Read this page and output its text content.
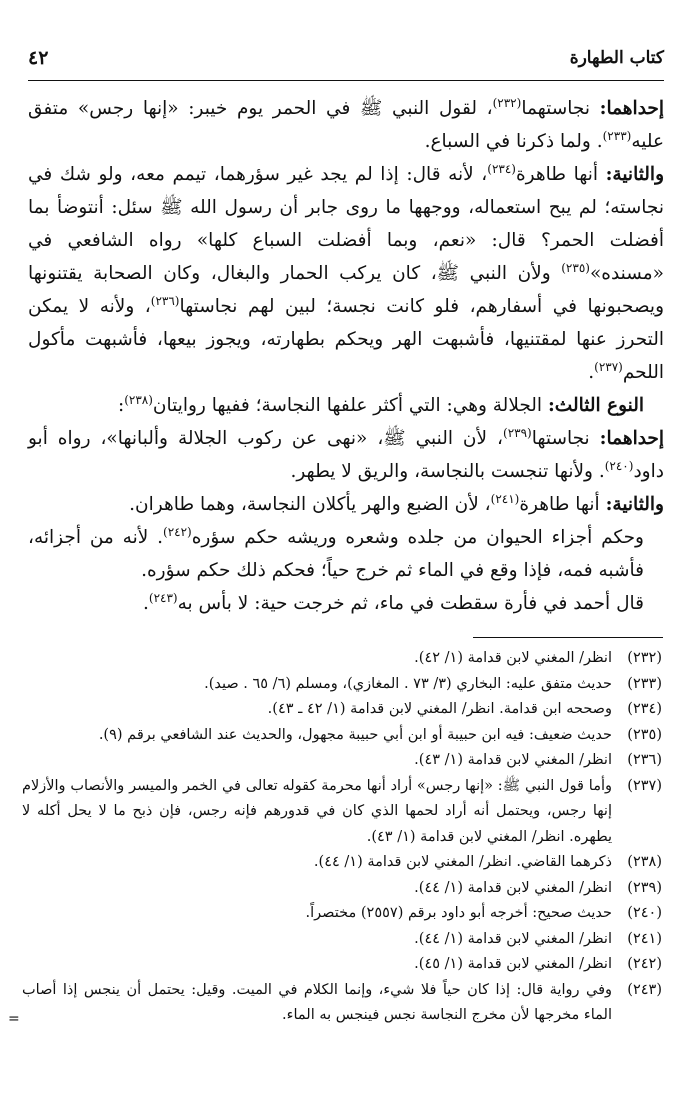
كتاب الطهارة
٤٢

إحداهما: نجاستهما$^{(٢٣٢)}$، لقول النبي ﷺ في الحمر يوم خيبر: «إنها رجس» متفق عليه$^{(٢٣٣)}$. ولما ذكرنا في السباع.

والثانية: أنها طاهرة$^{(٢٣٤)}$، لأنه قال: إذا لم يجد غير سؤرهما، تيمم معه، ولو شك في نجاسته؛ لم يبح استعماله، ووجهها ما روى جابر أن رسول الله ﷺ سئل: أنتوضأ بما أفضلت الحمر؟ قال: «نعم، وبما أفضلت السباع كلها» رواه الشافعي في «مسنده»$^{(٢٣٥)}$ ولأن النبي ﷺ، كان يركب الحمار والبغال، وكان الصحابة يقتنونها ويصحبونها في أسفارهم، فلو كانت نجسة؛ لبين لهم نجاستها$^{(٢٣٦)}$، ولأنه لا يمكن التحرز عنها لمقتنيها، فأشبهت الهر ويحكم بطهارته، ويجوز بيعها، فأشبهت مأكول اللحم$^{(٢٣٧)}$.

النوع الثالث: الجلالة وهي: التي أكثر علفها النجاسة؛ ففيها روايتان$^{(٢٣٨)}$:

إحداهما: نجاستها$^{(٢٣٩)}$، لأن النبي ﷺ، «نهى عن ركوب الجلالة وألبانها»، رواه أبو داود$^{(٢٤٠)}$. ولأنها تنجست بالنجاسة، والريق لا يطهر.

والثانية: أنها طاهرة$^{(٢٤١)}$، لأن الضبع والهر يأكلان النجاسة، وهما طاهران.

وحكم أجزاء الحيوان من جلده وشعره وريشه حكم سؤره$^{(٢٤٢)}$. لأنه من أجزائه، فأشبه فمه، فإذا وقع في الماء ثم خرج حياً؛ فحكم ذلك حكم سؤره.

قال أحمد في فأرة سقطت في ماء، ثم خرجت حية: لا بأس به$^{(٢٤٣)}$.

(٢٣٢)
انظر/ المغني لابن قدامة (١/ ٤٢).
(٢٣٣)
حديث متفق عليه: البخاري (٣/ ٧٣ . المغازي)، ومسلم (٦/ ٦٥ . صيد).
(٢٣٤)
وصححه ابن قدامة. انظر/ المغني لابن قدامة (١/ ٤٢ ـ ٤٣).
(٢٣٥)
حديث ضعيف: فيه ابن حبيبة أو ابن أبي حبيبة مجهول، والحديث عند الشافعي برقم (٩).
(٢٣٦)
انظر/ المغني لابن قدامة (١/ ٤٣).
(٢٣٧)
وأما قول النبي ﷺ: «إنها رجس» أراد أنها محرمة كقوله تعالى في الخمر والميسر والأنصاب والأزلام إنها رجس، ويحتمل أنه أراد لحمها الذي كان في قدورهم فإنه رجس، فإن ذبح ما لا يحل أكله لا يطهره. انظر/ المغني لابن قدامة (١/ ٤٣).
(٢٣٨)
ذكرهما القاضي. انظر/ المغني لابن قدامة (١/ ٤٤).
(٢٣٩)
انظر/ المغني لابن قدامة (١/ ٤٤).
(٢٤٠)
حديث صحيح: أخرجه أبو داود برقم (٢٥٥٧) مختصراً.
(٢٤١)
انظر/ المغني لابن قدامة (١/ ٤٤).
(٢٤٢)
انظر/ المغني لابن قدامة (١/ ٤٥).
(٢٤٣)
وفي رواية قال: إذا كان حياً فلا شيء، وإنما الكلام في الميت. وقيل: يحتمل أن ينجس إذا أصاب الماء مخرجها لأن مخرج النجاسة نجس فينجس به الماء.
=
